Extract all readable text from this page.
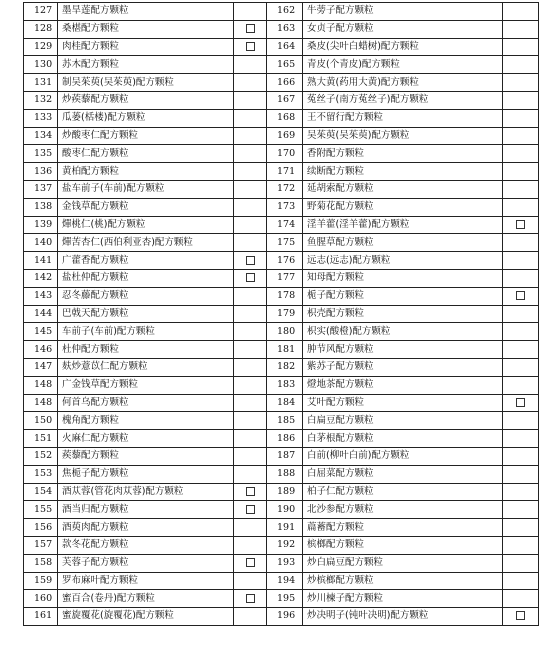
127	墨旱莲配方颗粒		162	牛蒡子配方颗粒	
128	桑椹配方颗粒		163	女贞子配方颗粒	
129	肉桂配方颗粒		164	桑皮(尖叶白蜡树)配方颗粒	
130	苏木配方颗粒		165	青皮(个青皮)配方颗粒	
131	制吴茱萸(吴茱萸)配方颗粒		166	熟大黄(药用大黄)配方颗粒	
132	炒蒺藜配方颗粒		167	菟丝子(南方菟丝子)配方颗粒	
133	瓜蒌(栝楼)配方颗粒		168	王不留行配方颗粒	
134	炒酸枣仁配方颗粒		169	吴茱萸(吴茱萸)配方颗粒	
135	酸枣仁配方颗粒		170	香附配方颗粒	
136	黄柏配方颗粒		171	续断配方颗粒	
137	盐车前子(车前)配方颗粒		172	延胡索配方颗粒	
138	金钱草配方颗粒		173	野菊花配方颗粒	
139	燀桃仁(桃)配方颗粒		174	淫羊藿(淫羊藿)配方颗粒	
140	燀苦杏仁(西伯利亚杏)配方颗粒		175	鱼腥草配方颗粒	
141	广藿香配方颗粒		176	远志(远志)配方颗粒	
142	盐杜仲配方颗粒		177	知母配方颗粒	
143	忍冬藤配方颗粒		178	栀子配方颗粒	
144	巴戟天配方颗粒		179	枳壳配方颗粒	
145	车前子(车前)配方颗粒		180	枳实(酸橙)配方颗粒	
146	杜仲配方颗粒		181	肿节风配方颗粒	
147	麸炒薏苡仁配方颗粒		182	紫苏子配方颗粒	
148	广金钱草配方颗粒		183	燈地茶配方颗粒	
148	何首乌配方颗粒		184	艾叶配方颗粒	
150	槐角配方颗粒		185	白扁豆配方颗粒	
151	火麻仁配方颗粒		186	白茅根配方颗粒	
152	蒺藜配方颗粒		187	白前(柳叶白前)配方颗粒	
153	焦栀子配方颗粒		188	白屈菜配方颗粒	
154	酒苁蓉(管花肉苁蓉)配方颗粒		189	柏子仁配方颗粒	
155	酒当归配方颗粒		190	北沙参配方颗粒	
156	酒萸肉配方颗粒		191	萹蓄配方颗粒	
157	款冬花配方颗粒		192	槟榔配方颗粒	
158	芙蓉子配方颗粒		193	炒白扁豆配方颗粒	
159	罗布麻叶配方颗粒		194	炒槟榔配方颗粒	
160	蜜百合(卷丹)配方颗粒		195	炒川楝子配方颗粒	
161	蜜旋覆花(旋覆花)配方颗粒		196	炒决明子(钝叶决明)配方颗粒	
